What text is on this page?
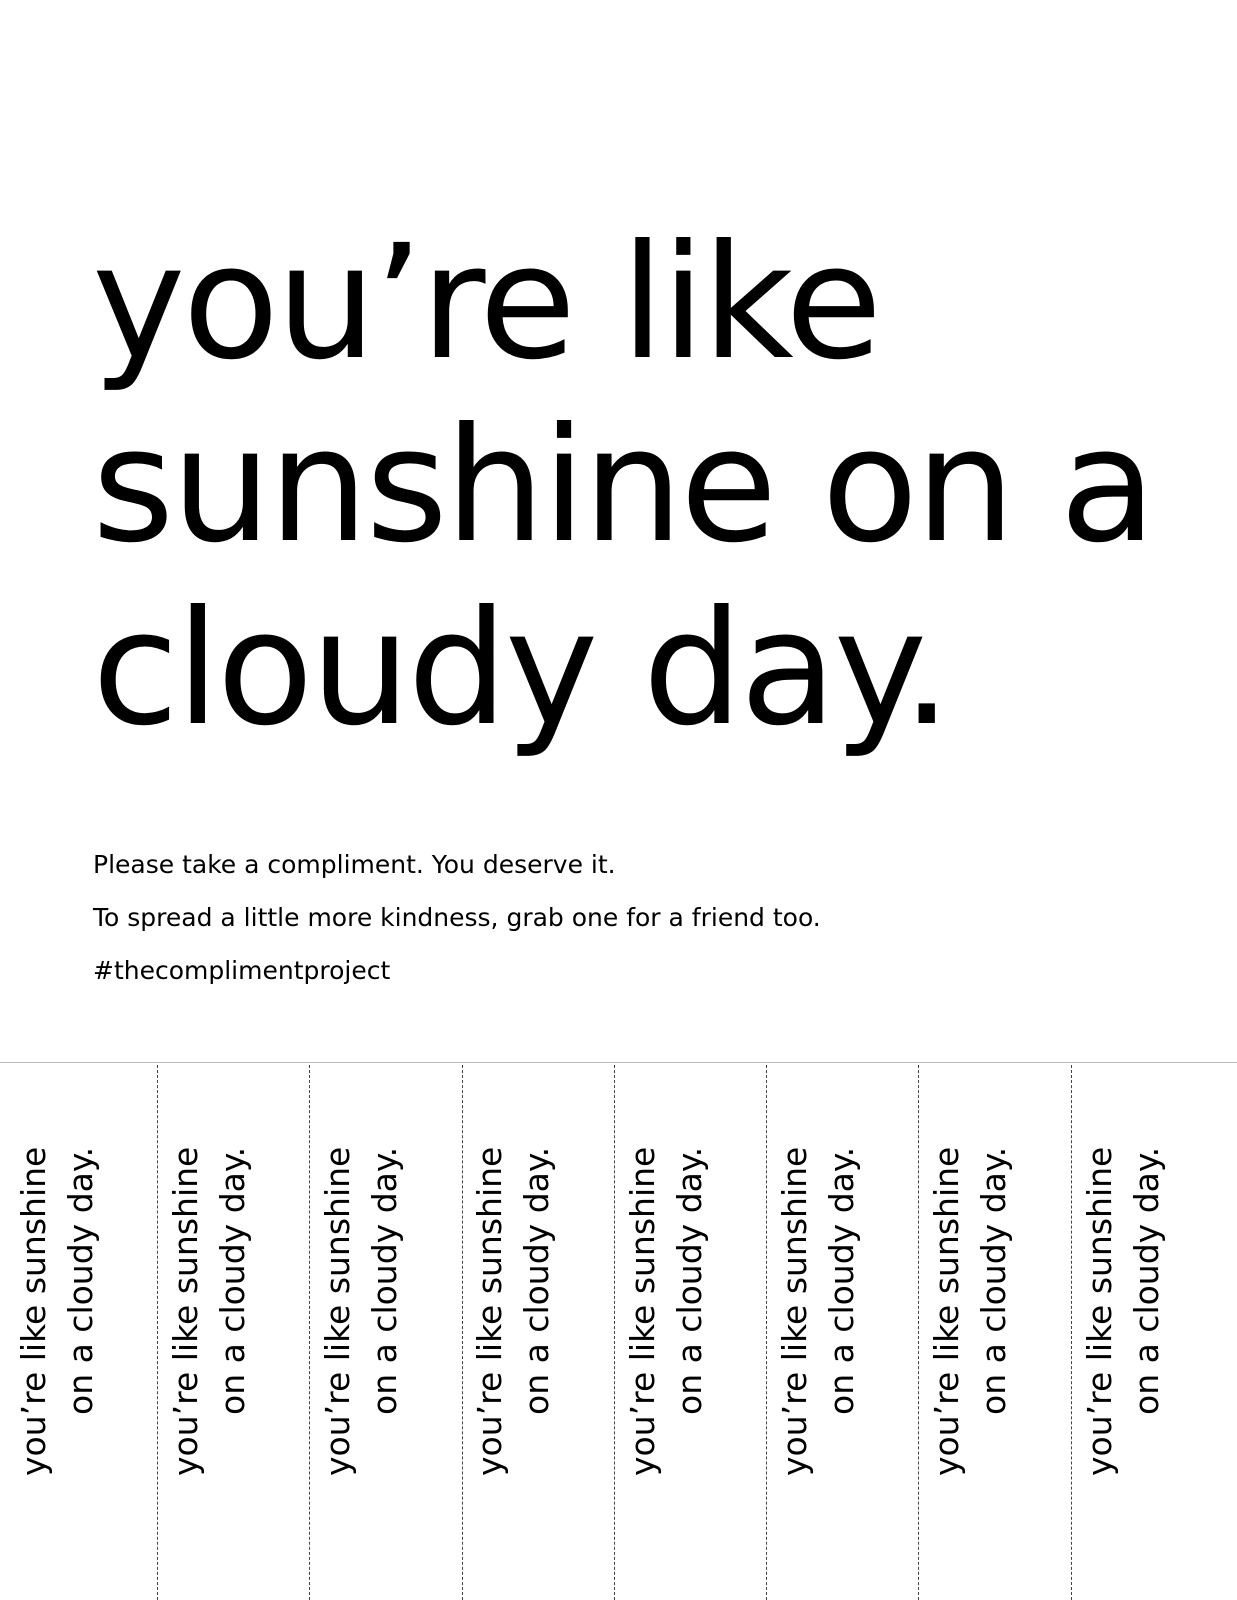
you’re like
sunshine on a
cloudy day.
Please take a compliment. You deserve it.
To spread a little more kindness, grab one for a friend too.
#thecomplimentproject
you’re like sunshine on a cloudy day. you’re like sunshine on a cloudy day. you’re like sunshine on a cloudy day. you’re like sunshine on a cloudy day. you’re like sunshine on a cloudy day. you’re like sunshine on a cloudy day. you’re like sunshine on a cloudy day. you’re like sunshine on a cloudy day.
